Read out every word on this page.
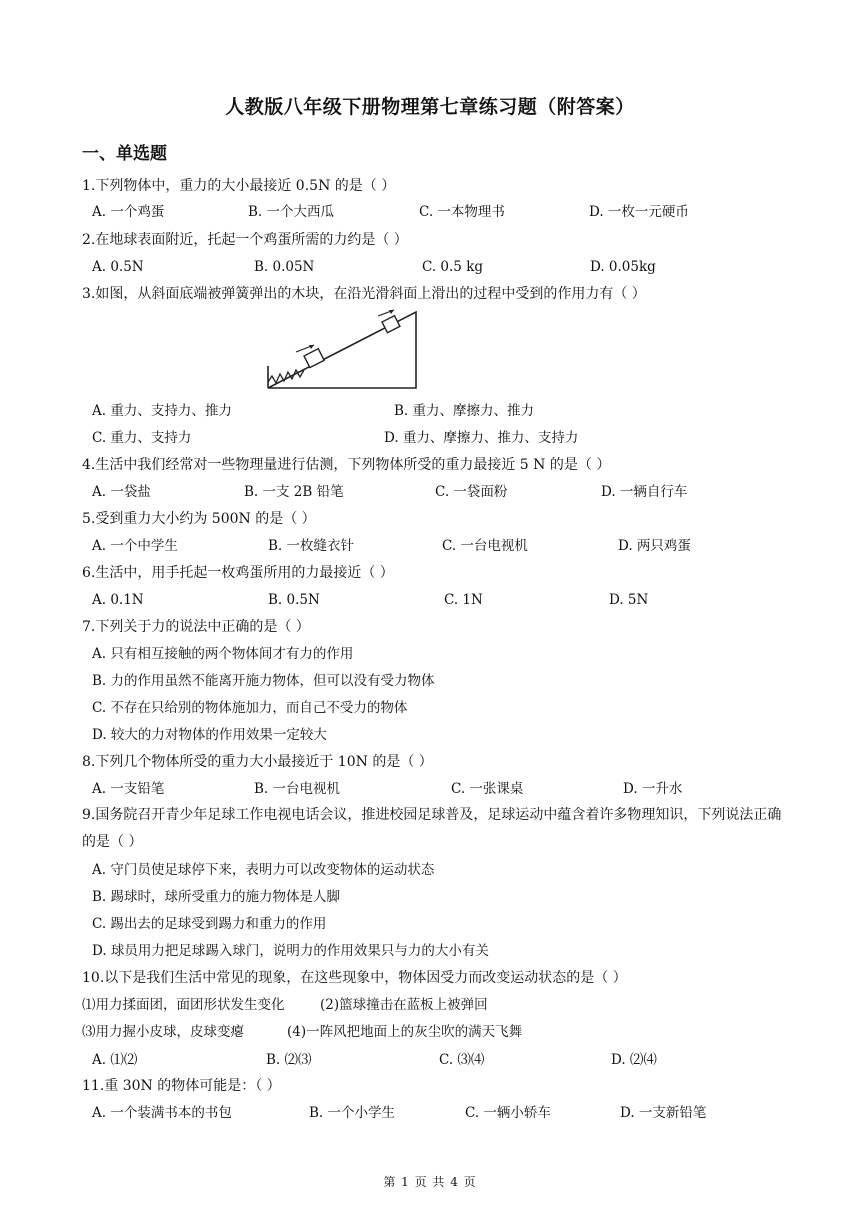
人教版八年级下册物理第七章练习题（附答案）
一、单选题
1.下列物体中，重力的大小最接近 0.5N 的是（ ）
A. 一个鸡蛋	B. 一个大西瓜	C. 一本物理书	D. 一枚一元硬币
2.在地球表面附近，托起一个鸡蛋所需的力约是（ ）
A. 0.5N	B. 0.05N	C. 0.5 kg	D. 0.05kg
3.如图，从斜面底端被弹簧弹出的木块，在沿光滑斜面上滑出的过程中受到的作用力有（ ）
A. 重力、支持力、推力	B. 重力、摩擦力、推力
C. 重力、支持力	D. 重力、摩擦力、推力、支持力
4.生活中我们经常对一些物理量进行估测，下列物体所受的重力最接近 5 N 的是（ ）
A. 一袋盐	B. 一支 2B 铅笔	C. 一袋面粉	D. 一辆自行车
5.受到重力大小约为 500N 的是（ ）
A. 一个中学生	B. 一枚缝衣针	C. 一台电视机	D. 两只鸡蛋
6.生活中，用手托起一枚鸡蛋所用的力最接近（ ）
A. 0.1N	B. 0.5N	C. 1N	D. 5N
7.下列关于力的说法中正确的是（ ）
A. 只有相互接触的两个物体间才有力的作用
B. 力的作用虽然不能离开施力物体，但可以没有受力物体
C. 不存在只给别的物体施加力，而自己不受力的物体
D. 较大的力对物体的作用效果一定较大
8.下列几个物体所受的重力大小最接近于 10N 的是（ ）
A. 一支铅笔	B. 一台电视机	C. 一张课桌	D. 一升水
9.国务院召开青少年足球工作电视电话会议，推进校园足球普及，足球运动中蕴含着许多物理知识，下列说法正确的是（ ）
A. 守门员使足球停下来，表明力可以改变物体的运动状态
B. 踢球时，球所受重力的施力物体是人脚
C. 踢出去的足球受到踢力和重力的作用
D. 球员用力把足球踢入球门，说明力的作用效果只与力的大小有关
10.以下是我们生活中常见的现象，在这些现象中，物体因受力而改变运动状态的是（ ）
⑴用力揉面团，面团形状发生变化	(2)篮球撞击在蓝板上被弹回
⑶用力握小皮球，皮球变瘪	(4)一阵风把地面上的灰尘吹的满天飞舞
A. ⑴⑵	B. ⑵⑶	C. ⑶⑷	D. ⑵⑷
11.重 30N 的物体可能是：（ ）
A. 一个装满书本的书包	B. 一个小学生	C. 一辆小轿车	D. 一支新铅笔
第 1 页 共 4 页
